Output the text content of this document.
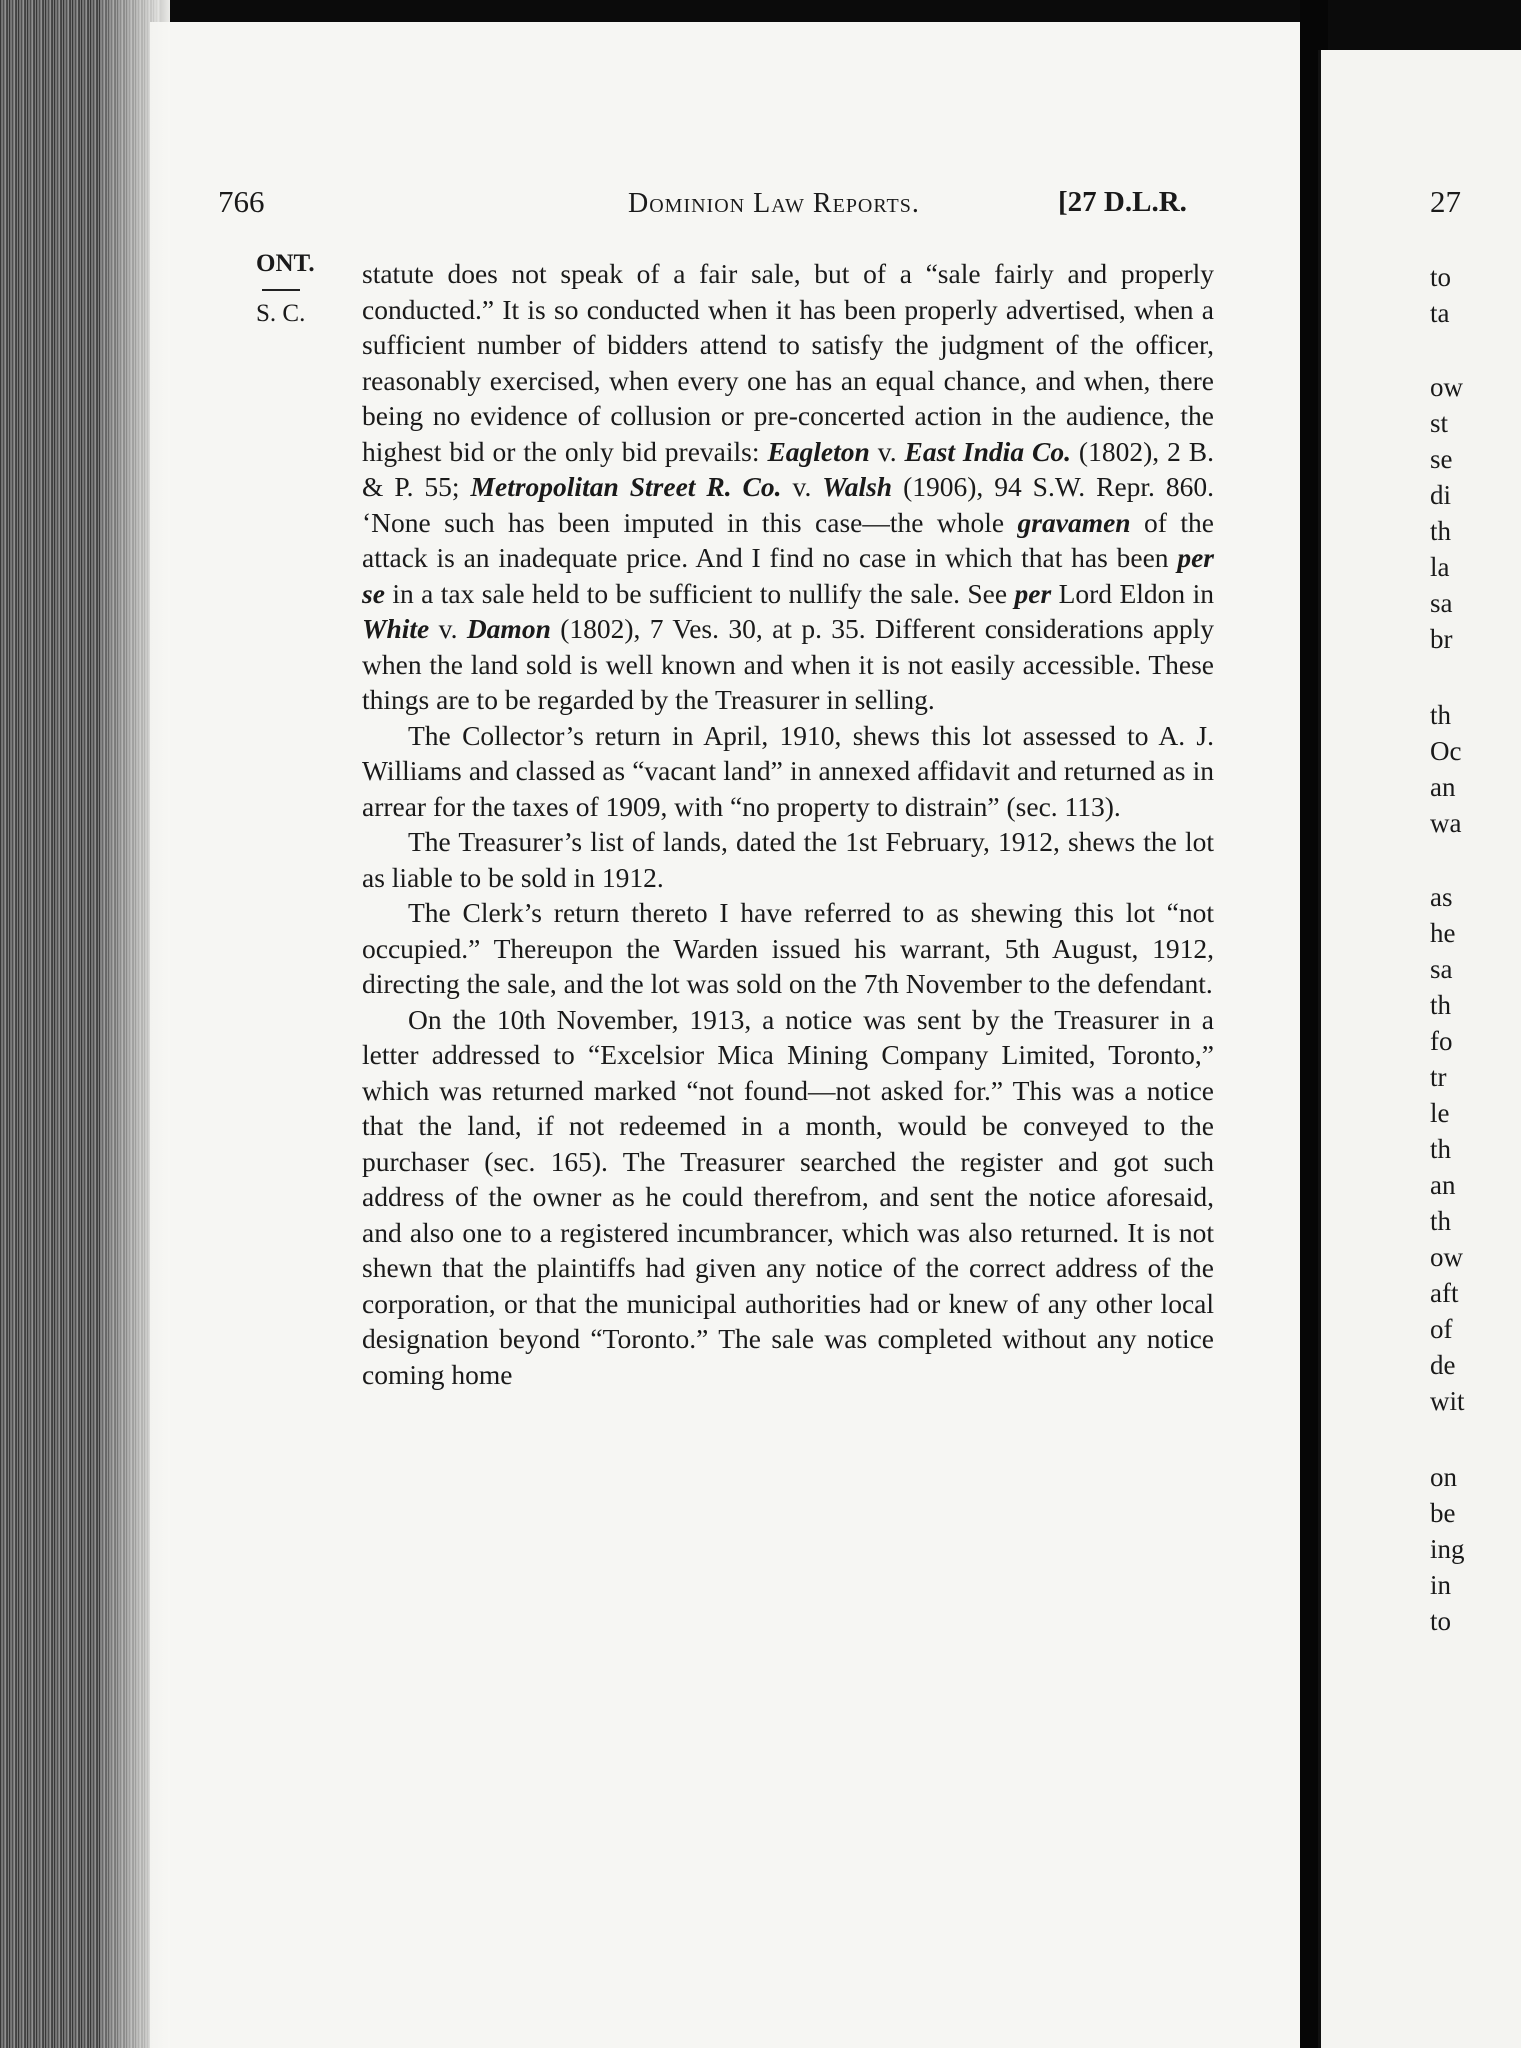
766	Dominion Law Reports.	[27 D.L.R.
ONT.
S. C.

statute does not speak of a fair sale, but of a “sale fairly and properly conducted.” It is so conducted when it has been properly advertised, when a sufficient number of bidders attend to satisfy the judgment of the officer, reasonably exercised, when every one has an equal chance, and when, there being no evidence of collusion or pre-concerted action in the audience, the highest bid or the only bid prevails: Eagleton v. East India Co. (1802), 2 B. & P. 55; Metropolitan Street R. Co. v. Walsh (1906), 94 S.W. Repr. 860. ‘None such has been imputed in this case—the whole gravamen of the attack is an inadequate price. And I find no case in which that has been per se in a tax sale held to be sufficient to nullify the sale. See per Lord Eldon in White v. Damon (1802), 7 Ves. 30, at p. 35. Different considerations apply when the land sold is well known and when it is not easily accessible. These things are to be regarded by the Treasurer in selling.

The Collector’s return in April, 1910, shews this lot assessed to A. J. Williams and classed as “vacant land” in annexed affidavit and returned as in arrear for the taxes of 1909, with “no property to distrain” (sec. 113).

The Treasurer’s list of lands, dated the 1st February, 1912, shews the lot as liable to be sold in 1912.

The Clerk’s return thereto I have referred to as shewing this lot “not occupied.” Thereupon the Warden issued his warrant, 5th August, 1912, directing the sale, and the lot was sold on the 7th November to the defendant.

On the 10th November, 1913, a notice was sent by the Treasurer in a letter addressed to “Excelsior Mica Mining Company Limited, Toronto,” which was returned marked “not found—not asked for.” This was a notice that the land, if not redeemed in a month, would be conveyed to the purchaser (sec. 165). The Treasurer searched the register and got such address of the owner as he could therefrom, and sent the notice aforesaid, and also one to a registered incumbrancer, which was also returned. It is not shewn that the plaintiffs had given any notice of the correct address of the corporation, or that the municipal authorities had or knew of any other local designation beyond “Toronto.” The sale was completed without any notice coming home

27
to
ta
ow
st
se
di
th
la
sa
br
th
Oc
an
wa
as
he
sa
th
fo
tr
le
th
an
th
ow
aft
of
de
wit
on
be
ing
in
to
